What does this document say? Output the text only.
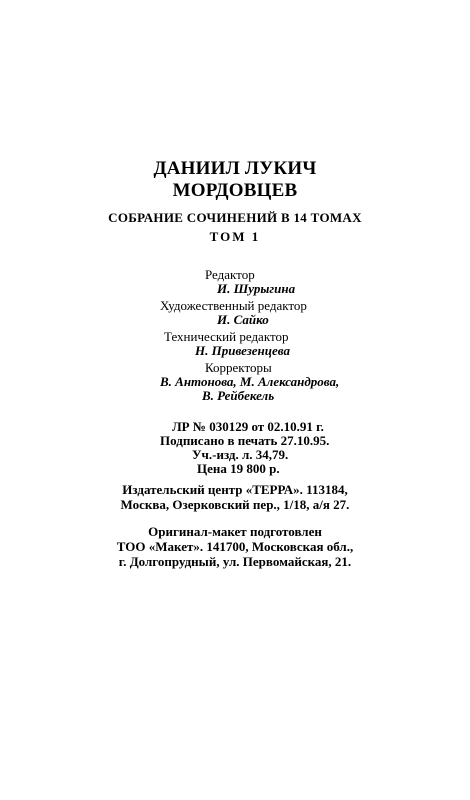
ДАНИИЛ ЛУКИЧ
МОРДОВЦЕВ
СОБРАНИЕ СОЧИНЕНИЙ В 14 ТОМАХ
ТОМ 1
Редактор
И. Шурыгина
Художественный редактор
И. Сайко
Технический редактор
Н. Привезенцева
Корректоры
В. Антонова, М. Александрова,
В. Рейбекель
ЛР № 030129 от 02.10.91 г.
Подписано в печать 27.10.95.
Уч.-изд. л. 34,79.
Цена 19 800 р.
Издательский центр «ТЕРРА». 113184,
Москва, Озерковский пер., 1/18, а/я 27.
Оригинал-макет подготовлен
ТОО «Макет». 141700, Московская обл.,
г. Долгопрудный, ул. Первомайская, 21.
